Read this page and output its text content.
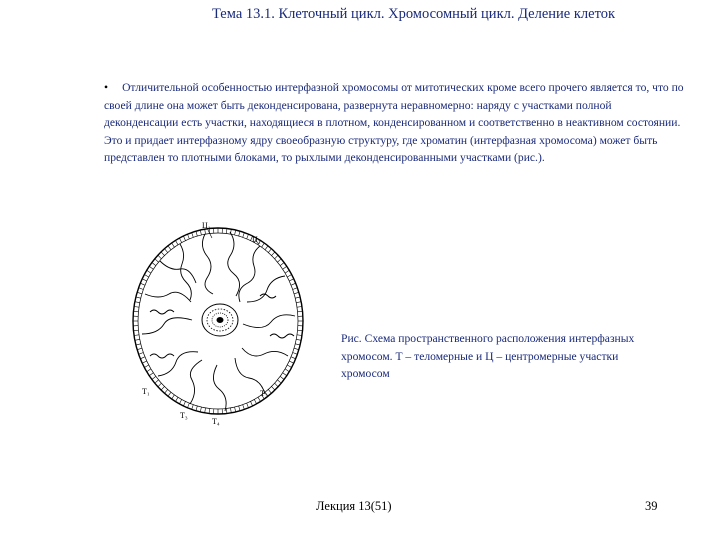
Тема 13.1. Клеточный цикл. Хромосомный цикл. Деление клеток
• Отличительной особенностью интерфазной хромосомы от митотических кроме всего прочего является то, что по своей длине она может быть деконденсирована, развернута неравномерно: наряду с участками полной деконденсации есть участки, находящиеся в плотном, конденсированном и соответственно в неактивном состоянии. Это и придает интерфазному ядру своеобразную структуру, где хроматин (интерфазная хромосома) может быть представлен то плотными блоками, то рыхлыми деконденсированными участками (рис.).
Ц₁
Ц₂
Т₁	Т₂
Т₃
Т₄
Рис. Схема пространственного расположения интерфазных хромосом. Т – теломерные и Ц – центромерные участки хромосом
Лекция 13(51)	39
